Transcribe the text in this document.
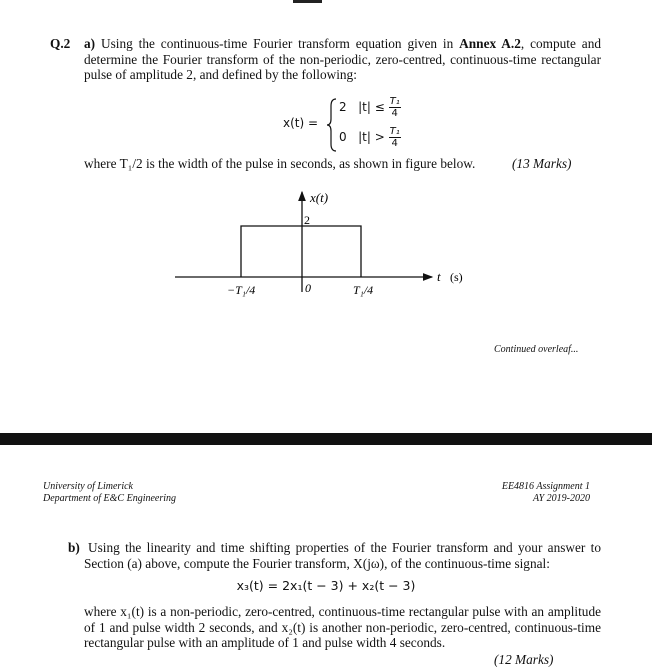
Q.2 a) Using the continuous-time Fourier transform equation given in Annex A.2, compute and determine the Fourier transform of the non-periodic, zero-centred, continuous-time rectangular pulse of amplitude 2, and defined by the following:
x(t) =
2 $|t| \le \frac{\text{T₁}}{4}$
0 $|t| > \frac{\text{T₁}}{4}$
where T₁/2 is the width of the pulse in seconds, as shown in figure below.	(13 Marks)
x(t)
2
t (s)
−T₁/4	0	T₁/4
Continued overleaf...
University of Limerick
Department of E&C Engineering
EE4816 Assignment 1
AY 2019-2020
b) Using the linearity and time shifting properties of the Fourier transform and your answer to Section (a) above, compute the Fourier transform, X(jω), of the continuous-time signal:
x₃(t) = 2x₁(t − 3) + x₂(t − 3)
where x₁(t) is a non-periodic, zero-centred, continuous-time rectangular pulse with an amplitude of 1 and pulse width 2 seconds, and x₂(t) is another non-periodic, zero-centred, continuous-time rectangular pulse with an amplitude of 1 and pulse width 4 seconds.
(12 Marks)
